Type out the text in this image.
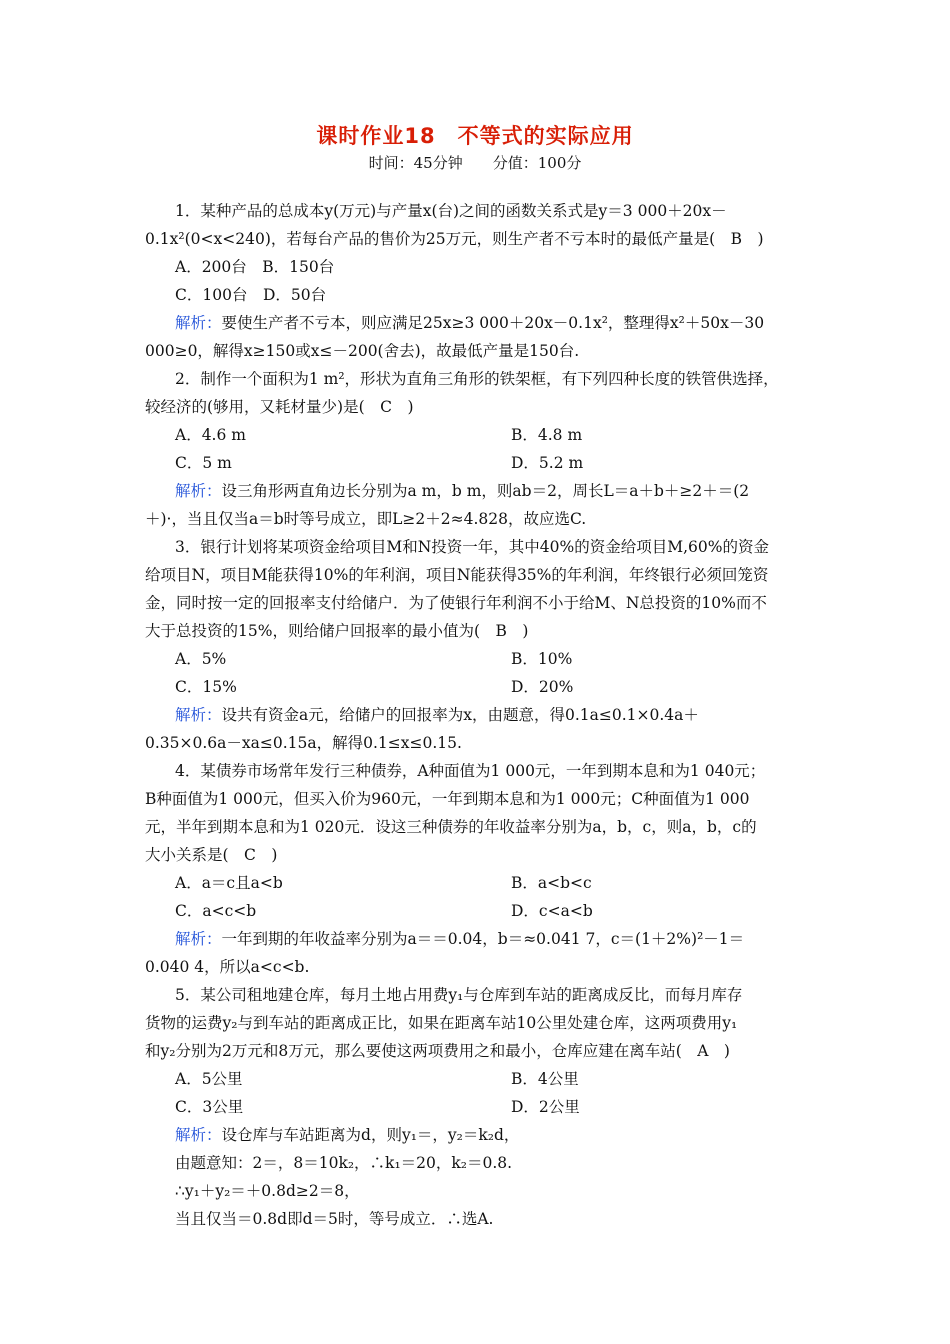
课时作业18　不等式的实际应用
时间：45分钟　　分值：100分
1．某种产品的总成本y(万元)与产量x(台)之间的函数关系式是y＝3 000＋20x－
0.1x²(0<x<240)，若每台产品的售价为25万元，则生产者不亏本时的最低产量是(　B　)
A．200台　B．150台
C．100台　D．50台
解析：要使生产者不亏本，则应满足25x≥3 000＋20x－0.1x²，整理得x²＋50x－30
000≥0，解得x≥150或x≤－200(舍去)，故最低产量是150台.
2．制作一个面积为1 m²，形状为直角三角形的铁架框，有下列四种长度的铁管供选择，
较经济的(够用，又耗材量少)是(　C　)
A．4.6 m	B．4.8 m
C．5 m	D．5.2 m
解析：设三角形两直角边长分别为a m，b m，则ab＝2，周长L＝a＋b＋≥2＋＝(2
＋)·，当且仅当a＝b时等号成立，即L≥2＋2≈4.828，故应选C.
3．银行计划将某项资金给项目M和N投资一年，其中40%的资金给项目M,60%的资金
给项目N，项目M能获得10%的年利润，项目N能获得35%的年利润，年终银行必须回笼资
金，同时按一定的回报率支付给储户．为了使银行年利润不小于给M、N总投资的10%而不
大于总投资的15%，则给储户回报率的最小值为(　B　)
A．5%	B．10%
C．15%	D．20%
解析：设共有资金a元，给储户的回报率为x，由题意，得0.1a≤0.1×0.4a＋
0.35×0.6a－xa≤0.15a，解得0.1≤x≤0.15.
4．某债券市场常年发行三种债券，A种面值为1 000元，一年到期本息和为1 040元；
B种面值为1 000元，但买入价为960元，一年到期本息和为1 000元；C种面值为1 000
元，半年到期本息和为1 020元．设这三种债券的年收益率分别为a，b，c，则a，b，c的
大小关系是(　C　)
A．a＝c且a<b	B．a<b<c
C．a<c<b	D．c<a<b
解析：一年到期的年收益率分别为a＝＝0.04，b＝≈0.041 7，c＝(1＋2%)²－1＝
0.040 4，所以a<c<b.
5．某公司租地建仓库，每月土地占用费y₁与仓库到车站的距离成反比，而每月库存
货物的运费y₂与到车站的距离成正比，如果在距离车站10公里处建仓库，这两项费用y₁
和y₂分别为2万元和8万元，那么要使这两项费用之和最小，仓库应建在离车站(　A　)
A．5公里	B．4公里
C．3公里	D．2公里
解析：设仓库与车站距离为d，则y₁＝，y₂＝k₂d，
由题意知：2＝，8＝10k₂，∴k₁＝20，k₂＝0.8.
∴y₁＋y₂＝＋0.8d≥2＝8，
当且仅当＝0.8d即d＝5时，等号成立．∴选A.
